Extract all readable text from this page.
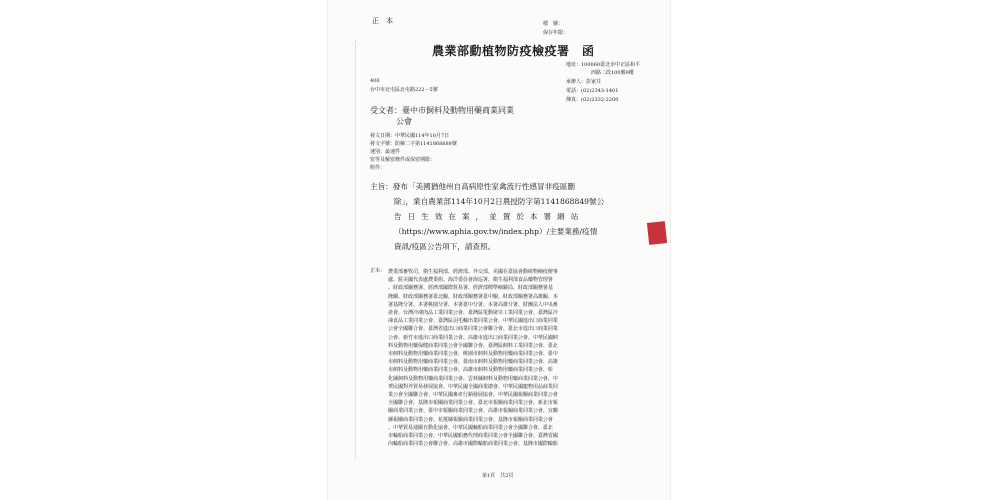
正　本	檔　號：
保存年限：
農業部動植物防疫檢疫署　函
地址：100060臺北市中正區和平
西路二段100號9樓
承辦人：彭家芬
電話：(02)2343-1401
傳真：(02)2332-2200
406
台中市北屯區北屯路222－5號
受文者：臺中市飼料及動物用藥商業同業
公會
發文日期：中華民國114年10月7日
發文字號：防檢二字第1141868888號
速別：最速件
密等及解密條件或保密期限：
附件：
主旨：發布「美國猶他州自高病原性家禽流行性感冒非疫區刪
除」，業自農業部114年10月2日農授防字第1141868849號公
告日生效在案，並置於本署網站
（https://www.aphia.gov.tw/index.php）/主要業務/疫情
資訊/疫區公告項下，請查照。
正本： 農業部畜牧司、衛生福利部、經濟部、外交部、美國在臺協會動植物檢疫辦事
處、駐美國代表處農業組、海洋委員會海巡署、衛生福利部食品藥物管理署
、財政部關務署、經濟部國際貿易署、經濟部標準檢驗局、財政部關務署基
隆關、財政部關務署臺北關、財政部關務署臺中關、財政部關務署高雄關、本
署基隆分署、本署桃園分署、本署臺中分署、本署高雄分署、財團法人中央畜
產會、台灣冷凍肉品工業同業公會、臺灣區電動屠宰工業同業公會、臺灣區冷
凍食品工業同業公會、臺灣區羽毛輸出業同業公會、中華民國進出口商業同業
公會全國聯合會、臺灣省進出口商業同業公會聯合會、臺北市進出口商業同業
公會、新竹市進出口商業同業公會、高雄市進出口商業同業公會、中華民國飼
料及動物用藥保健商業同業公會全國聯合會、臺灣區飼料工業同業公會、臺北
市飼料及動物用藥商業同業公會、桃園市飼料及動物用藥商業同業公會、臺中
市飼料及動物用藥商業同業公會、臺南市飼料及動物用藥商業同業公會、高雄
市飼料及動物用藥商業同業公會、高雄市飼料及動物用藥商業同業公會、彰
化縣飼料及動物用藥商業同業公會、雲林縣飼料及動物用藥商業同業公會、中
華民國對外貿易發展協會、中華民國全國商業總會、中華民國寵物用品商業同
業公會全國聯合會、中華民國畜產行銷發展協會、中華民國報關商業同業公會
全國聯合會、基隆市報關商業同業公會、臺北市報關商業同業公會、新北市報
關商業同業公會、臺中市報關商業同業公會、高雄市報關商業同業公會、宜蘭
縣報關商業同業公會、花蓮縣報關商業同業公會、基隆市報關商業同業公會
、中華貿易通關自動化協會、中華民國輸船商業同業公會全國聯合會、臺北
市輪船商業同業公會、中華民國船務代理商業同業公會全國聯合會、臺灣省國
內輪船商業同業公會聯合會、高雄市國際輪船商業同業公會、基隆市國際輪船
第1頁　共2頁
